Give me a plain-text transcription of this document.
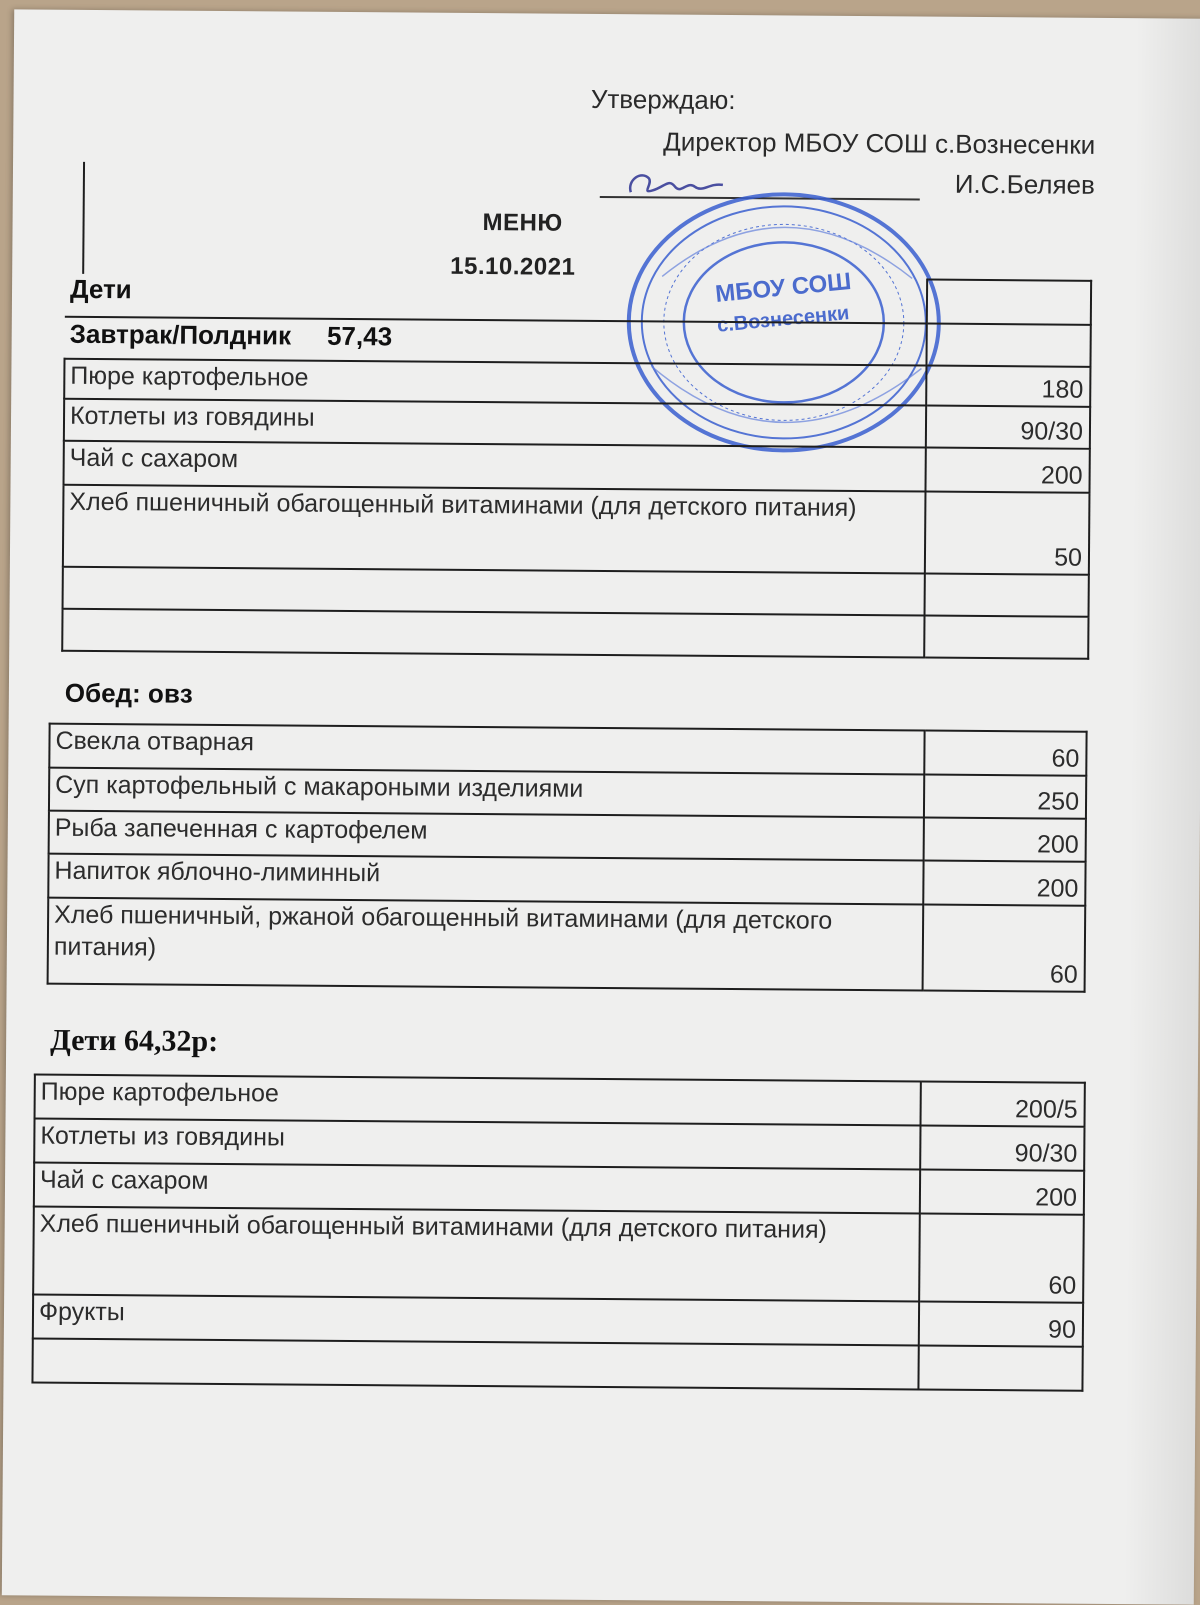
Утверждаю:
Директор МБОУ СОШ с.Вознесенки
И.С.Беляев
МБОУ СОШ
с.Вознесенки
МЕНЮ
15.10.2021
Дети	
Завтрак/Полдник 57,43	
Пюре картофельное	180
Котлеты из говядины	90/30
Чай с сахаром	200
Хлеб пшеничный обагощенный витаминами (для детского питания)	50

Обед: овз
Свекла отварная	60
Суп картофельный с макароными изделиями	250
Рыба запеченная с картофелем	200
Напиток яблочно-лиминный	200
Хлеб пшеничный, ржаной обагощенный витаминами (для детского питания)	60
Дети 64,32р:
Пюре картофельное	200/5
Котлеты из говядины	90/30
Чай с сахаром	200
Хлеб пшеничный обагощенный витаминами (для детского питания)	60
Фрукты	90
